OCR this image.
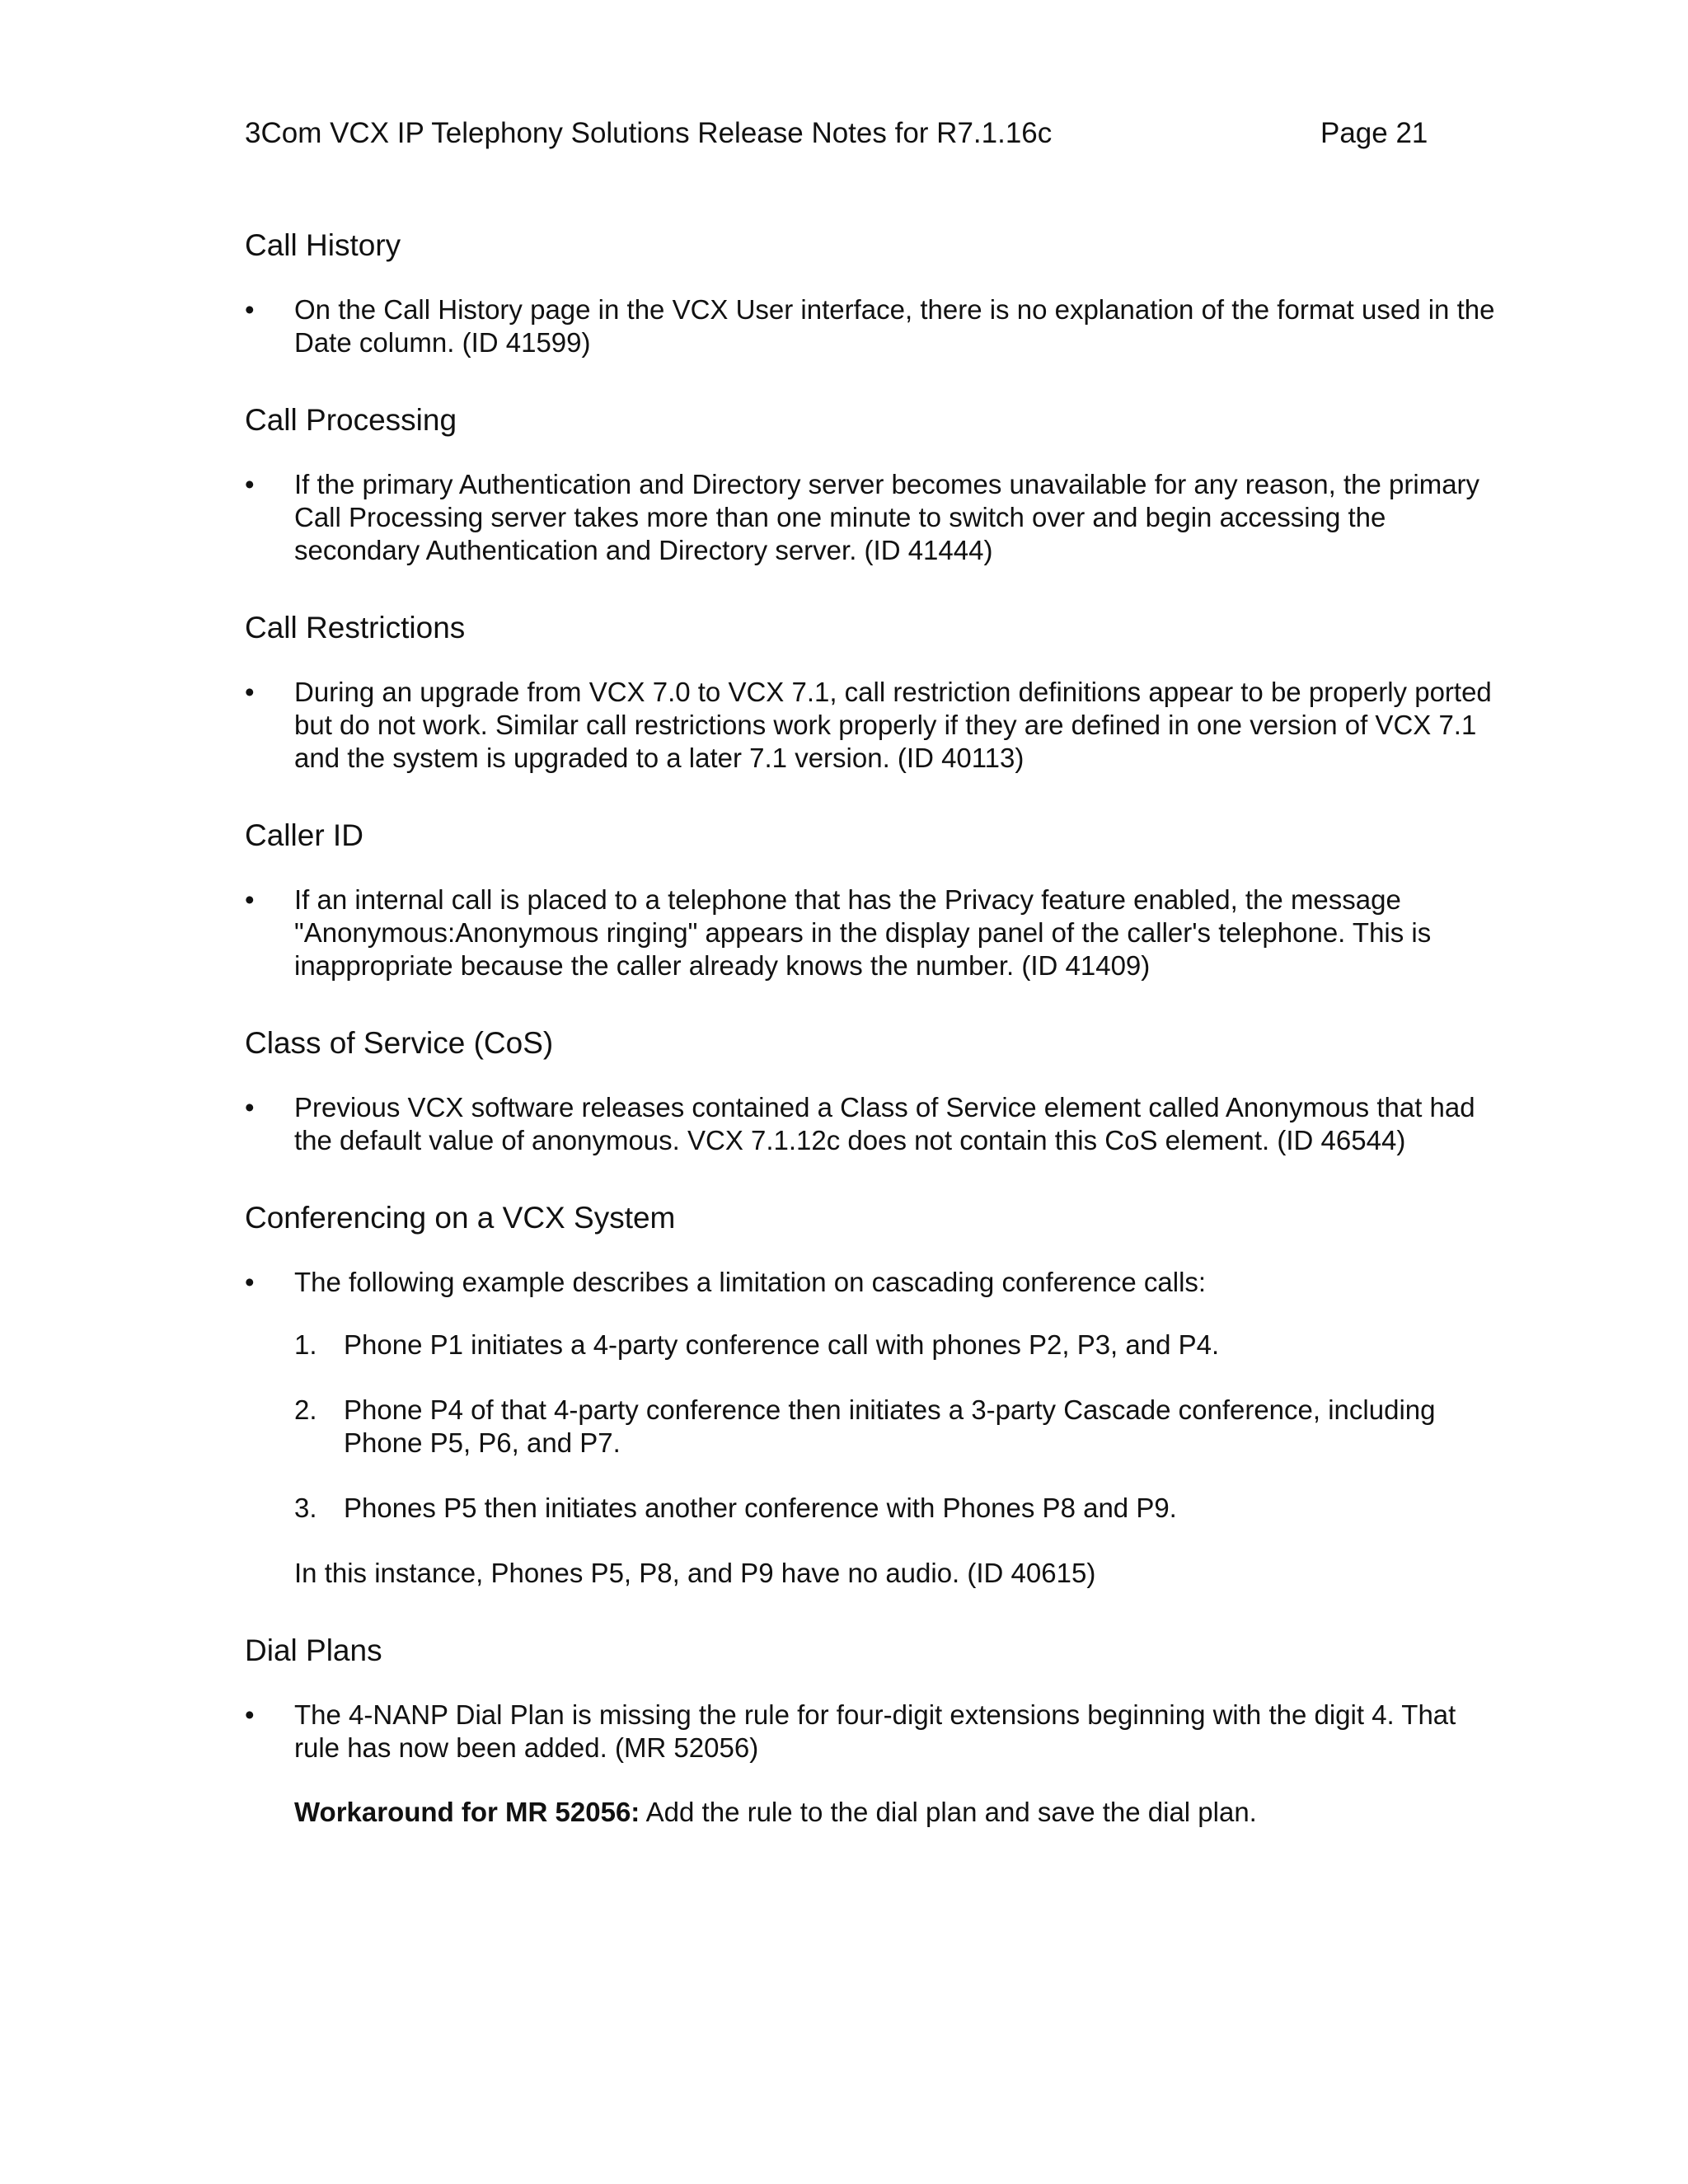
3Com VCX IP Telephony Solutions Release Notes for R7.1.16c	Page 21
Call History
•	On the Call History page in the VCX User interface, there is no explanation of the format used in the Date column. (ID 41599)
Call Processing
•	If the primary Authentication and Directory server becomes unavailable for any reason, the primary Call Processing server takes more than one minute to switch over and begin accessing the secondary Authentication and Directory server. (ID 41444)
Call Restrictions
•	During an upgrade from VCX 7.0 to VCX 7.1, call restriction definitions appear to be properly ported but do not work. Similar call restrictions work properly if they are defined in one version of VCX 7.1 and the system is upgraded to a later 7.1 version. (ID 40113)
Caller ID
•	If an internal call is placed to a telephone that has the Privacy feature enabled, the message "Anonymous:Anonymous ringing" appears in the display panel of the caller's telephone. This is inappropriate because the caller already knows the number. (ID 41409)
Class of Service (CoS)
•	Previous VCX software releases contained a Class of Service element called Anonymous that had the default value of anonymous. VCX 7.1.12c does not contain this CoS element. (ID 46544)
Conferencing on a VCX System
•	The following example describes a limitation on cascading conference calls:
1. Phone P1 initiates a 4-party conference call with phones P2, P3, and P4.
2. Phone P4 of that 4-party conference then initiates a 3-party Cascade conference, including Phone P5, P6, and P7.
3. Phones P5 then initiates another conference with Phones P8 and P9.
In this instance, Phones P5, P8, and P9 have no audio. (ID 40615)
Dial Plans
•	The 4-NANP Dial Plan is missing the rule for four-digit extensions beginning with the digit 4. That rule has now been added. (MR 52056)
Workaround for MR 52056: Add the rule to the dial plan and save the dial plan.
